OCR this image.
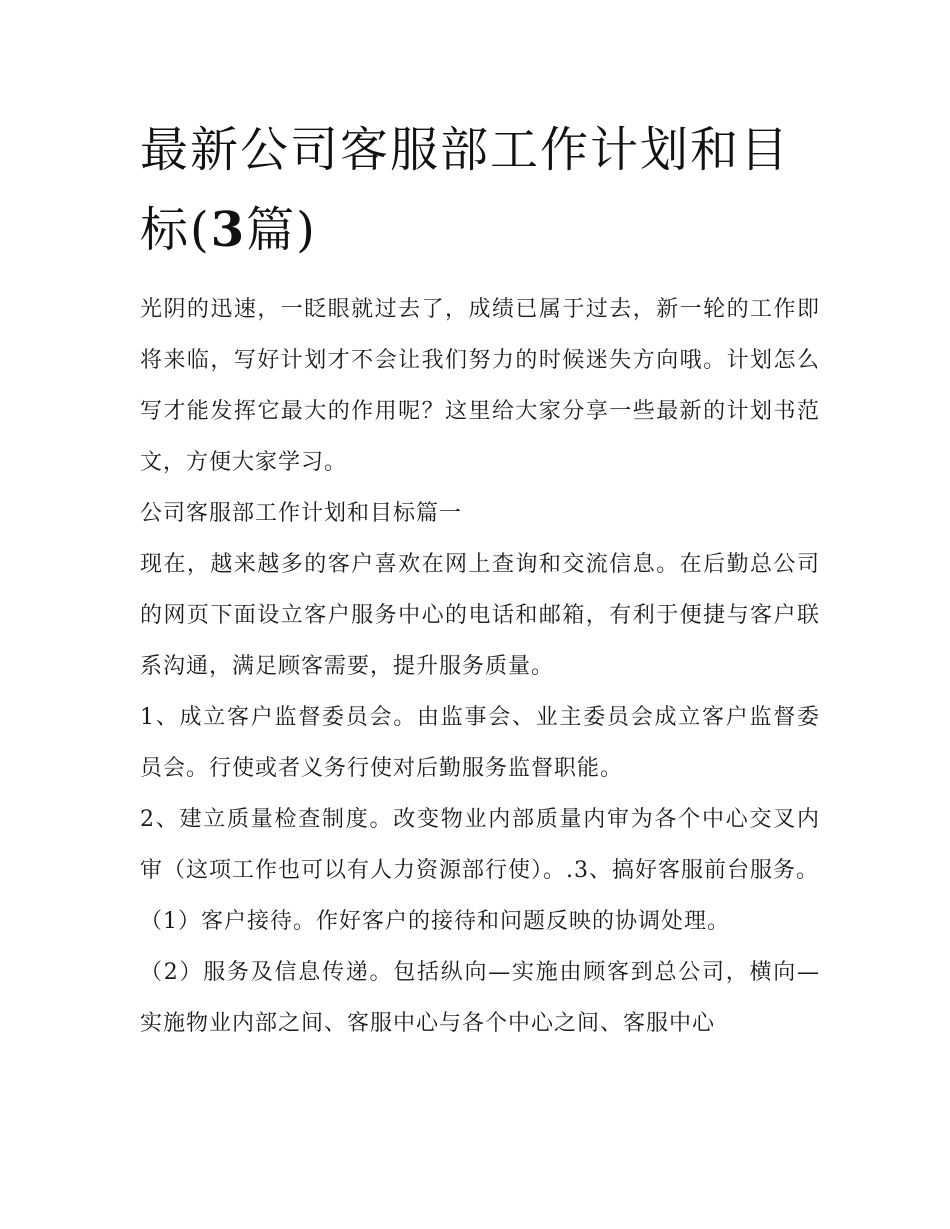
最新公司客服部工作计划和目
标(3篇)

光阴的迅速，一眨眼就过去了，成绩已属于过去，新一轮的工作即将来临，写好计划才不会让我们努力的时候迷失方向哦。计划怎么写才能发挥它最大的作用呢？这里给大家分享一些最新的计划书范文，方便大家学习。

公司客服部工作计划和目标篇一

现在，越来越多的客户喜欢在网上查询和交流信息。在后勤总公司的网页下面设立客户服务中心的电话和邮箱，有利于便捷与客户联系沟通，满足顾客需要，提升服务质量。

1、成立客户监督委员会。由监事会、业主委员会成立客户监督委员会。行使或者义务行使对后勤服务监督职能。

2、建立质量检查制度。改变物业内部质量内审为各个中心交叉内审（这项工作也可以有人力资源部行使）。.3、搞好客服前台服务。

（1）客户接待。作好客户的接待和问题反映的协调处理。

（2）服务及信息传递。包括纵向—实施由顾客到总公司，横向—实施物业内部之间、客服中心与各个中心之间、客服中心
